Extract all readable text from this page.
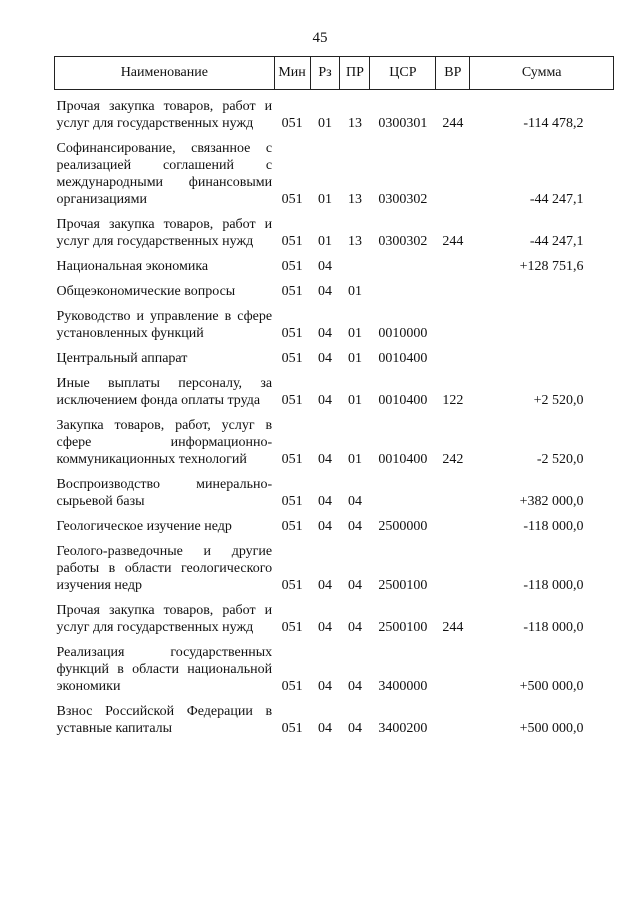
45
Наименование	Мин	Рз	ПР	ЦСР	ВР	Сумма

Прочая закупка товаров, работ и услуг для государственных нужд	051	01	13	0300301	244	-114 478,2

Софинансирование, связанное с реализацией соглашений с международными финансовыми организациями	051	01	13	0300302		-44 247,1

Прочая закупка товаров, работ и услуг для государственных нужд	051	01	13	0300302	244	-44 247,1

Национальная экономика	051	04				+128 751,6

Общеэкономические вопросы	051	04	01			

Руководство и управление в сфере установленных функций	051	04	01	0010000		

Центральный аппарат	051	04	01	0010400		

Иные выплаты персоналу, за исключением фонда оплаты труда	051	04	01	0010400	122	+2 520,0

Закупка товаров, работ, услуг в сфере информационно-коммуникационных технологий	051	04	01	0010400	242	-2 520,0

Воспроизводство минерально-сырьевой базы	051	04	04			+382 000,0

Геологическое изучение недр	051	04	04	2500000		-118 000,0

Геолого-разведочные и другие работы в области геологического изучения недр	051	04	04	2500100		-118 000,0

Прочая закупка товаров, работ и услуг для государственных нужд	051	04	04	2500100	244	-118 000,0

Реализация государственных функций в области национальной экономики	051	04	04	3400000		+500 000,0

Взнос Российской Федерации в уставные капиталы	051	04	04	3400200		+500 000,0
